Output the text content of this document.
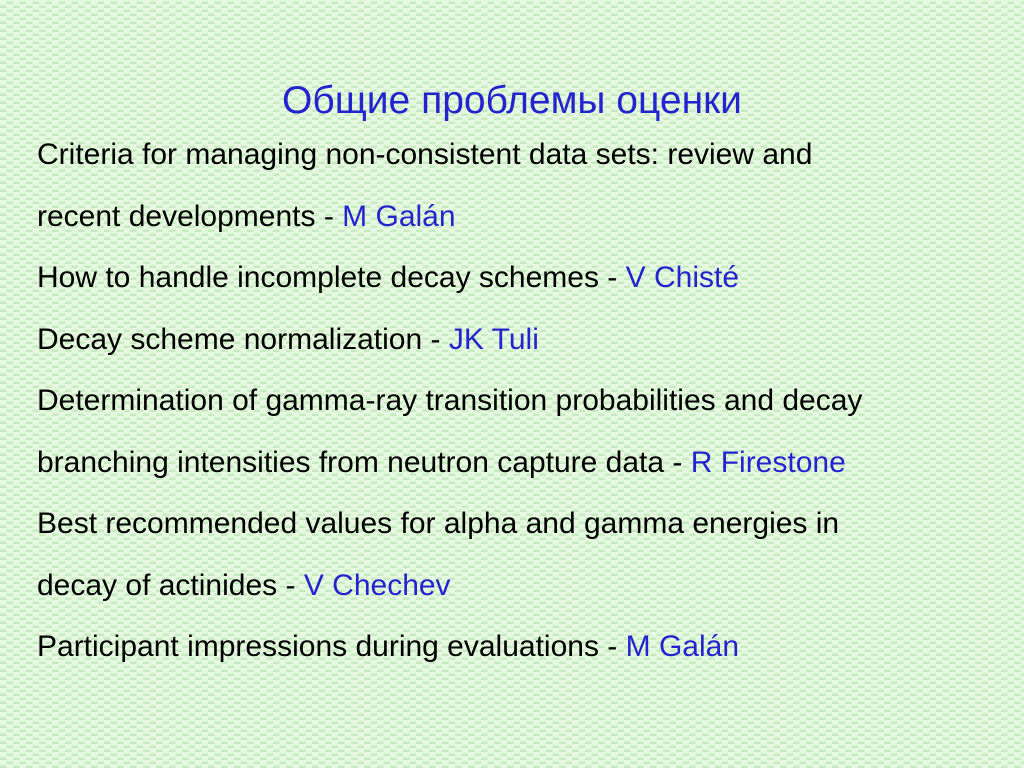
Общие проблемы оценки
Criteria for managing non-consistent data sets: review and
recent developments - M Galán
How to handle incomplete decay schemes - V Chisté
Decay scheme normalization - JK Tuli
Determination of gamma-ray transition probabilities and decay
branching intensities from neutron capture data - R Firestone
Best recommended values for alpha and gamma energies in
decay of actinides - V Chechev
Participant impressions during evaluations - M Galán
